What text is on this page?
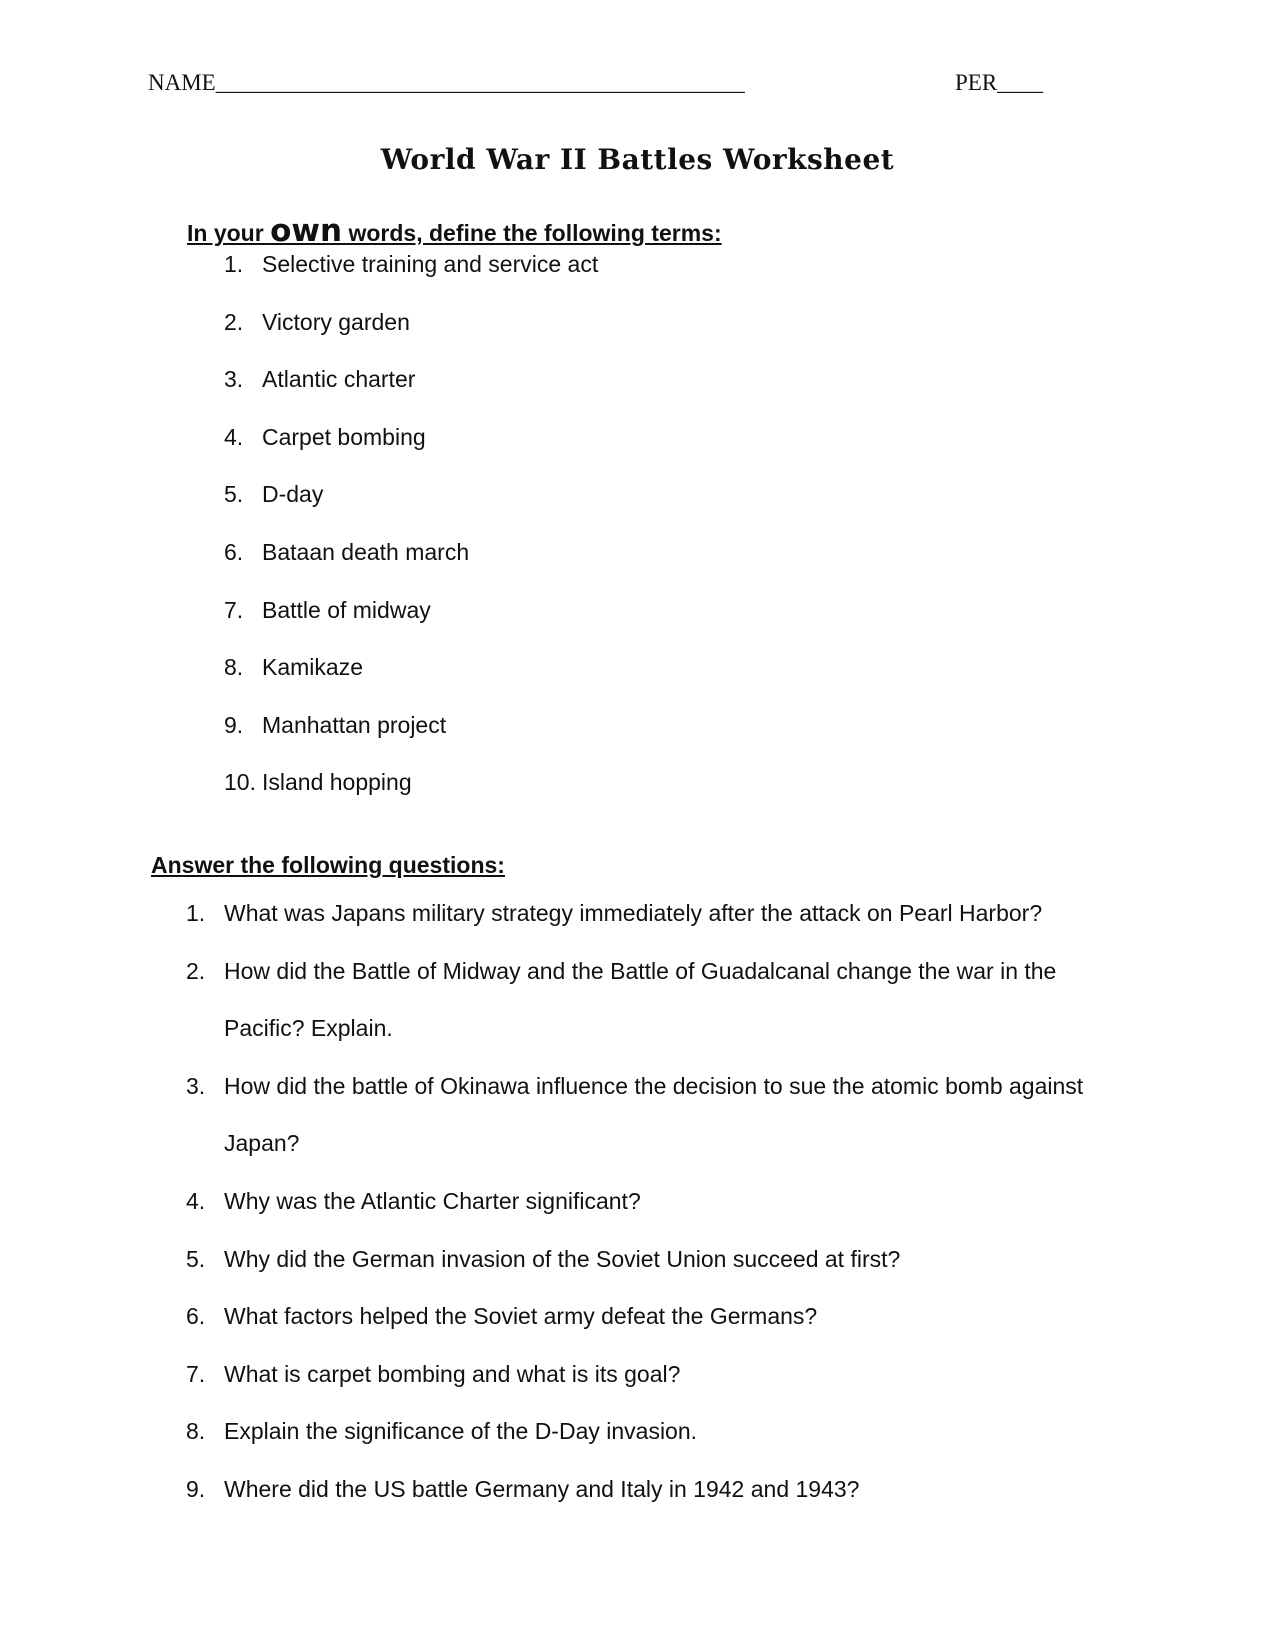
NAME______________________________________________	PER____
World War II Battles Worksheet
In your own words, define the following terms:
1. Selective training and service act
2. Victory garden
3. Atlantic charter
4. Carpet bombing
5. D-day
6. Bataan death march
7. Battle of midway
8. Kamikaze
9. Manhattan project
10. Island hopping
Answer the following questions:
1. What was Japans military strategy immediately after the attack on Pearl Harbor?
2. How did the Battle of Midway and the Battle of Guadalcanal change the war in the Pacific? Explain.
3. How did the battle of Okinawa influence the decision to sue the atomic bomb against Japan?
4. Why was the Atlantic Charter significant?
5. Why did the German invasion of the Soviet Union succeed at first?
6. What factors helped the Soviet army defeat the Germans?
7. What is carpet bombing and what is its goal?
8. Explain the significance of the D-Day invasion.
9. Where did the US battle Germany and Italy in 1942 and 1943?
